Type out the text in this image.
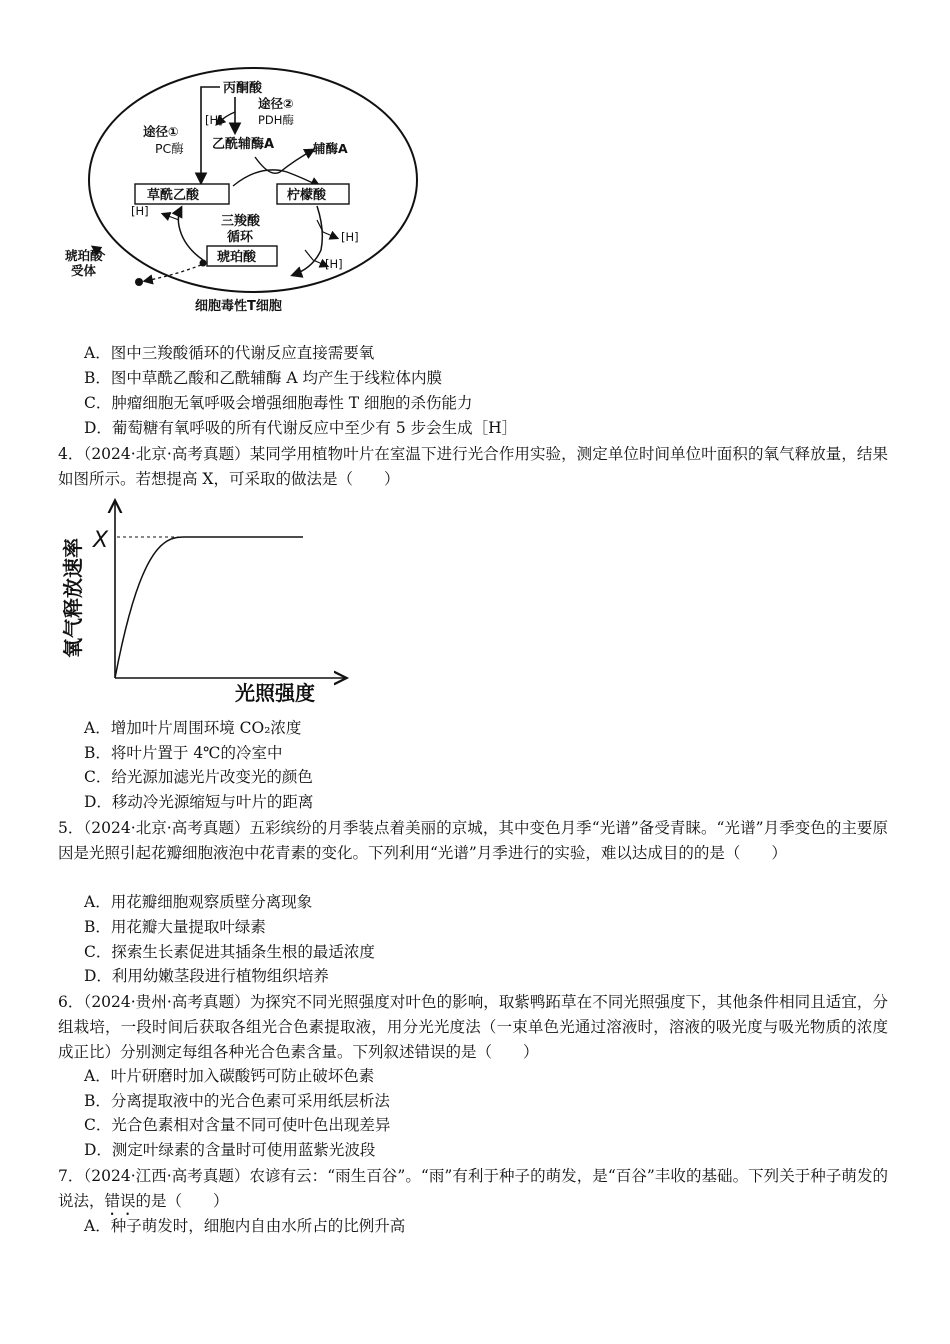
丙酮酸
途径①
PC酶
[H]
途径②
PDH酶
乙酰辅酶A	辅酶A
草酰乙酸	柠檬酸
[H]
[H]
琥珀酸
[H]
三羧酸
循环
琥珀酸
受体
细胞毒性T细胞
A．图中三羧酸循环的代谢反应直接需要氧
B．图中草酰乙酸和乙酰辅酶 A 均产生于线粒体内膜
C．肿瘤细胞无氧呼吸会增强细胞毒性 T 细胞的杀伤能力
D．葡萄糖有氧呼吸的所有代谢反应中至少有 5 步会生成［H］
4．（2024·北京·高考真题）某同学用植物叶片在室温下进行光合作用实验，测定单位时间单位叶面积的氧气释放量，结果如图所示。若想提高 X，可采取的做法是（　　）
X
氧气释放速率
光照强度
A．增加叶片周围环境 CO₂浓度
B．将叶片置于 4℃的冷室中
C．给光源加滤光片改变光的颜色
D．移动冷光源缩短与叶片的距离
5．（2024·北京·高考真题）五彩缤纷的月季装点着美丽的京城，其中变色月季“光谱”备受青睐。“光谱”月季变色的主要原因是光照引起花瓣细胞液泡中花青素的变化。下列利用“光谱”月季进行的实验，难以达成目的的是（　　）
A．用花瓣细胞观察质壁分离现象
B．用花瓣大量提取叶绿素
C．探索生长素促进其插条生根的最适浓度
D．利用幼嫩茎段进行植物组织培养
6．（2024·贵州·高考真题）为探究不同光照强度对叶色的影响，取紫鸭跖草在不同光照强度下，其他条件相同且适宜，分组栽培，一段时间后获取各组光合色素提取液，用分光光度法（一束单色光通过溶液时，溶液的吸光度与吸光物质的浓度成正比）分别测定每组各种光合色素含量。下列叙述错误的是（　　）
A．叶片研磨时加入碳酸钙可防止破坏色素
B．分离提取液中的光合色素可采用纸层析法
C．光合色素相对含量不同可使叶色出现差异
D．测定叶绿素的含量时可使用蓝紫光波段
7．（2024·江西·高考真题）农谚有云：“雨生百谷”。“雨”有利于种子的萌发，是“百谷”丰收的基础。下列关于种子萌发的说法，错误的是（　　）
A．种子萌发时，细胞内自由水所占的比例升高
